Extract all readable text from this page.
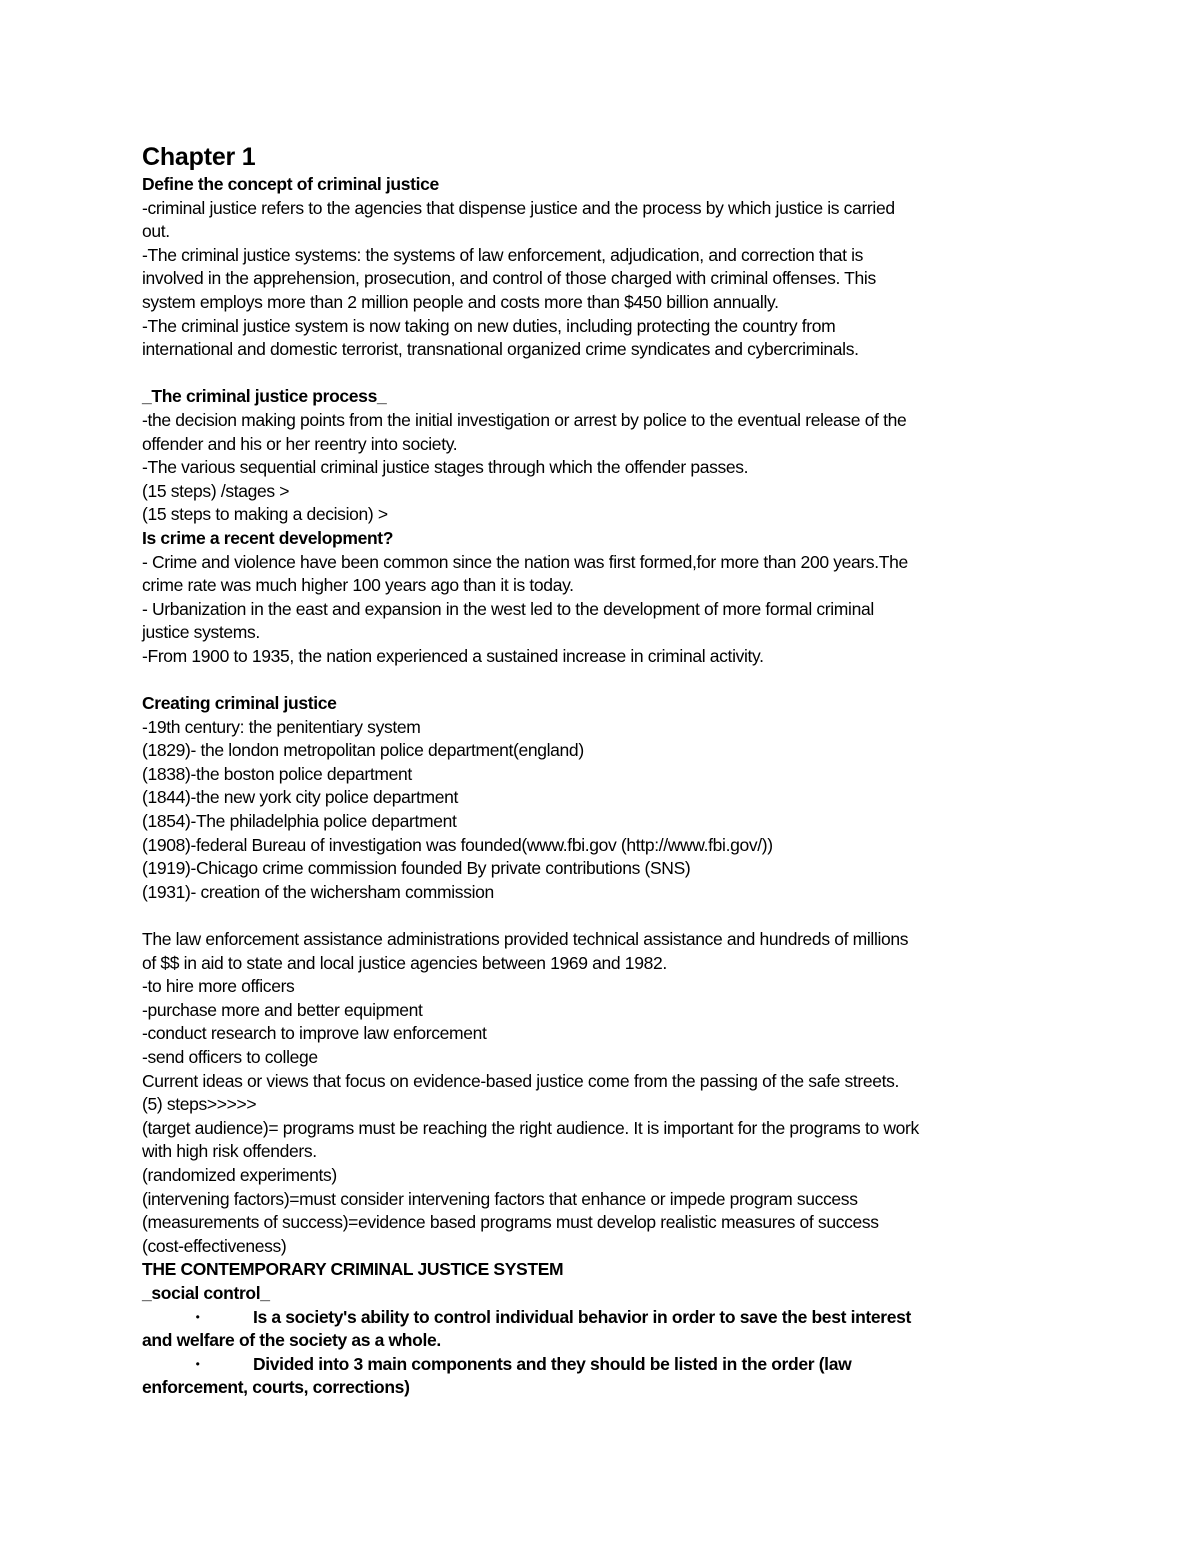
Chapter 1
Define the concept of criminal justice
-criminal justice refers to the agencies that dispense justice and the process by which justice is carried
out.
-The criminal justice systems: the systems of law enforcement, adjudication, and correction that is
involved in the apprehension, prosecution, and control of those charged with criminal offenses. This
system employs more than 2 million people and costs more than $450 billion annually.
-The criminal justice system is now taking on new duties, including protecting the country from
international and domestic terrorist, transnational organized crime syndicates and cybercriminals.
_The criminal justice process_
-the decision making points from the initial investigation or arrest by police to the eventual release of the
offender and his or her reentry into society.
-The various sequential criminal justice stages through which the offender passes.
(15 steps) /stages >
(15 steps to making a decision) >
Is crime a recent development?
- Crime and violence have been common since the nation was first formed,for more than 200 years.The
crime rate was much higher 100 years ago than it is today.
- Urbanization in the east and expansion in the west led to the development of more formal criminal
justice systems.
-From 1900 to 1935, the nation experienced a sustained increase in criminal activity.
Creating criminal justice
-19th century: the penitentiary system
(1829)- the london metropolitan police department(england)
(1838)-the boston police department
(1844)-the new york city police department
(1854)-The philadelphia police department
(1908)-federal Bureau of investigation was founded(www.fbi.gov (http://www.fbi.gov/))
(1919)-Chicago crime commission founded By private contributions (SNS)
(1931)- creation of the wichersham commission
The law enforcement assistance administrations provided technical assistance and hundreds of millions
of $$ in aid to state and local justice agencies between 1969 and 1982.
-to hire more officers
-purchase more and better equipment
-conduct research to improve law enforcement
-send officers to college
Current ideas or views that focus on evidence-based justice come from the passing of the safe streets.
(5) steps>>>>>
(target audience)= programs must be reaching the right audience. It is important for the programs to work
with high risk offenders.
(randomized experiments)
(intervening factors)=must consider intervening factors that enhance or impede program success
(measurements of success)=evidence based programs must develop realistic measures of success
(cost-effectiveness)
THE CONTEMPORARY CRIMINAL JUSTICE SYSTEM
_social control_
•	Is a society's ability to control individual behavior in order to save the best interest
and welfare of the society as a whole.
•	Divided into 3 main components and they should be listed in the order (law
enforcement, courts, corrections)
